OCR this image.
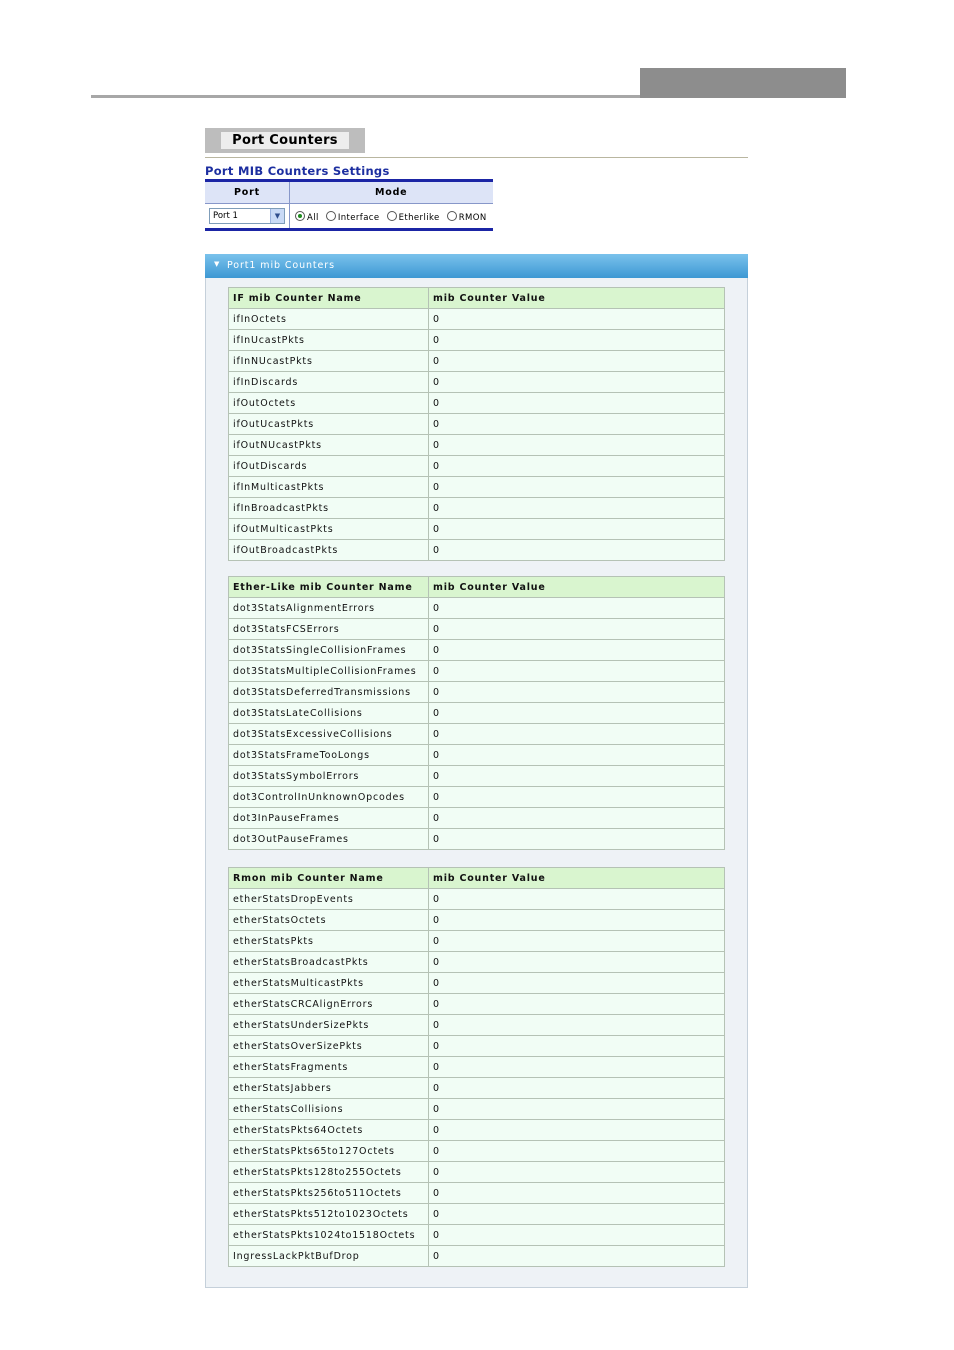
Port Counters
Port MIB Counters Settings
Port	Mode
Port 1	▼	All Interface Etherlike RMON
▼ Port1 mib Counters
IF mib Counter Name	mib Counter Value
ifInOctets	0
ifInUcastPkts	0
ifInNUcastPkts	0
ifInDiscards	0
ifOutOctets	0
ifOutUcastPkts	0
ifOutNUcastPkts	0
ifOutDiscards	0
ifInMulticastPkts	0
ifInBroadcastPkts	0
ifOutMulticastPkts	0
ifOutBroadcastPkts	0
Ether-Like mib Counter Name	mib Counter Value
dot3StatsAlignmentErrors	0
dot3StatsFCSErrors	0
dot3StatsSingleCollisionFrames	0
dot3StatsMultipleCollisionFrames	0
dot3StatsDeferredTransmissions	0
dot3StatsLateCollisions	0
dot3StatsExcessiveCollisions	0
dot3StatsFrameTooLongs	0
dot3StatsSymbolErrors	0
dot3ControlInUnknownOpcodes	0
dot3InPauseFrames	0
dot3OutPauseFrames	0
Rmon mib Counter Name	mib Counter Value
etherStatsDropEvents	0
etherStatsOctets	0
etherStatsPkts	0
etherStatsBroadcastPkts	0
etherStatsMulticastPkts	0
etherStatsCRCAlignErrors	0
etherStatsUnderSizePkts	0
etherStatsOverSizePkts	0
etherStatsFragments	0
etherStatsJabbers	0
etherStatsCollisions	0
etherStatsPkts64Octets	0
etherStatsPkts65to127Octets	0
etherStatsPkts128to255Octets	0
etherStatsPkts256to511Octets	0
etherStatsPkts512to1023Octets	0
etherStatsPkts1024to1518Octets	0
IngressLackPktBufDrop	0
